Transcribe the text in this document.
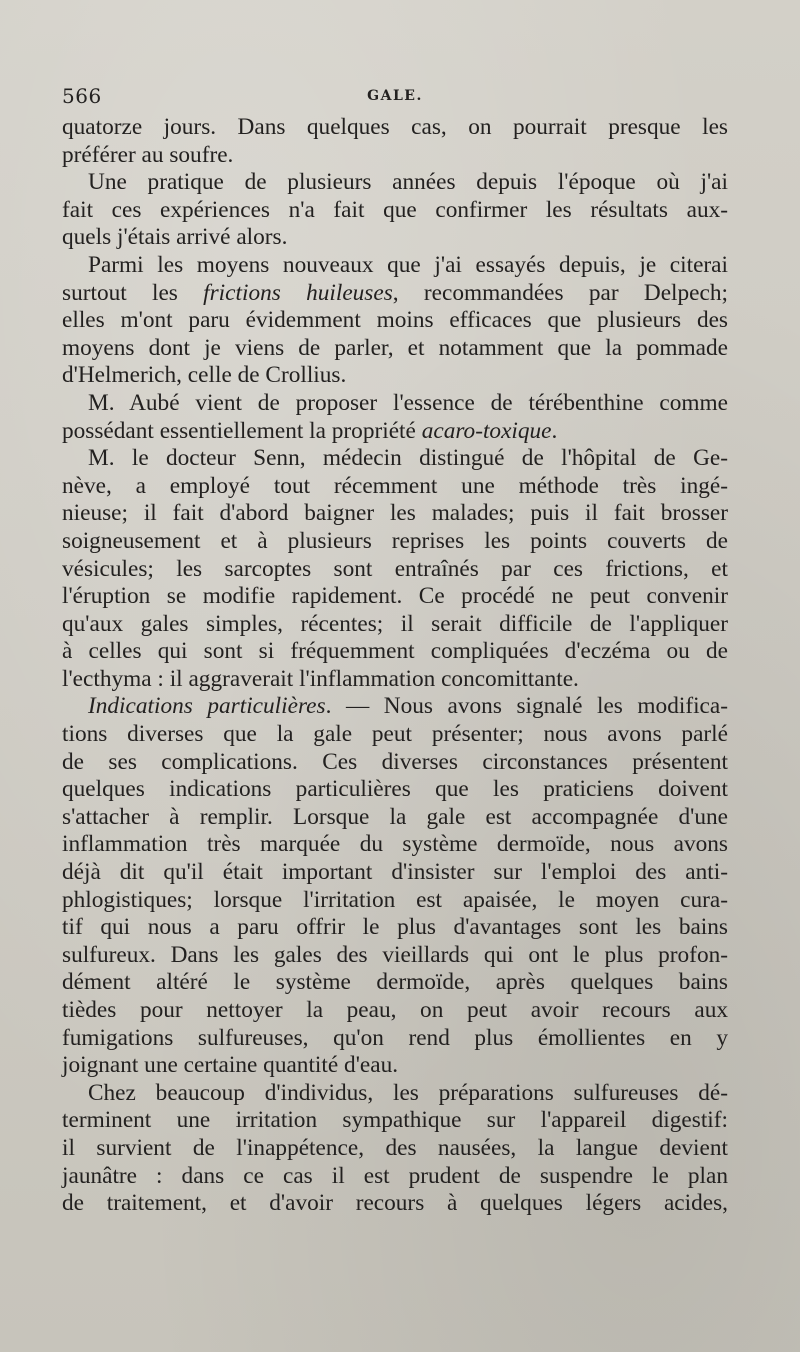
566	GALE.
quatorze jours. Dans quelques cas, on pourrait presque les
préférer au soufre.
Une pratique de plusieurs années depuis l'époque où j'ai
fait ces expériences n'a fait que confirmer les résultats aux-
quels j'étais arrivé alors.
Parmi les moyens nouveaux que j'ai essayés depuis, je citerai
surtout les frictions huileuses, recommandées par Delpech;
elles m'ont paru évidemment moins efficaces que plusieurs des
moyens dont je viens de parler, et notamment que la pommade
d'Helmerich, celle de Crollius.
M. Aubé vient de proposer l'essence de térébenthine comme
possédant essentiellement la propriété acaro-toxique.
M. le docteur Senn, médecin distingué de l'hôpital de Ge-
nève, a employé tout récemment une méthode très ingé-
nieuse; il fait d'abord baigner les malades; puis il fait brosser
soigneusement et à plusieurs reprises les points couverts de
vésicules; les sarcoptes sont entraînés par ces frictions, et
l'éruption se modifie rapidement. Ce procédé ne peut convenir
qu'aux gales simples, récentes; il serait difficile de l'appliquer
à celles qui sont si fréquemment compliquées d'eczéma ou de
l'ecthyma : il aggraverait l'inflammation concomittante.
Indications particulières. — Nous avons signalé les modifica-
tions diverses que la gale peut présenter; nous avons parlé
de ses complications. Ces diverses circonstances présentent
quelques indications particulières que les praticiens doivent
s'attacher à remplir. Lorsque la gale est accompagnée d'une
inflammation très marquée du système dermoïde, nous avons
déjà dit qu'il était important d'insister sur l'emploi des anti-
phlogistiques; lorsque l'irritation est apaisée, le moyen cura-
tif qui nous a paru offrir le plus d'avantages sont les bains
sulfureux. Dans les gales des vieillards qui ont le plus profon-
dément altéré le système dermoïde, après quelques bains
tièdes pour nettoyer la peau, on peut avoir recours aux
fumigations sulfureuses, qu'on rend plus émollientes en y
joignant une certaine quantité d'eau.
Chez beaucoup d'individus, les préparations sulfureuses dé-
terminent une irritation sympathique sur l'appareil digestif:
il survient de l'inappétence, des nausées, la langue devient
jaunâtre : dans ce cas il est prudent de suspendre le plan
de traitement, et d'avoir recours à quelques légers acides,
